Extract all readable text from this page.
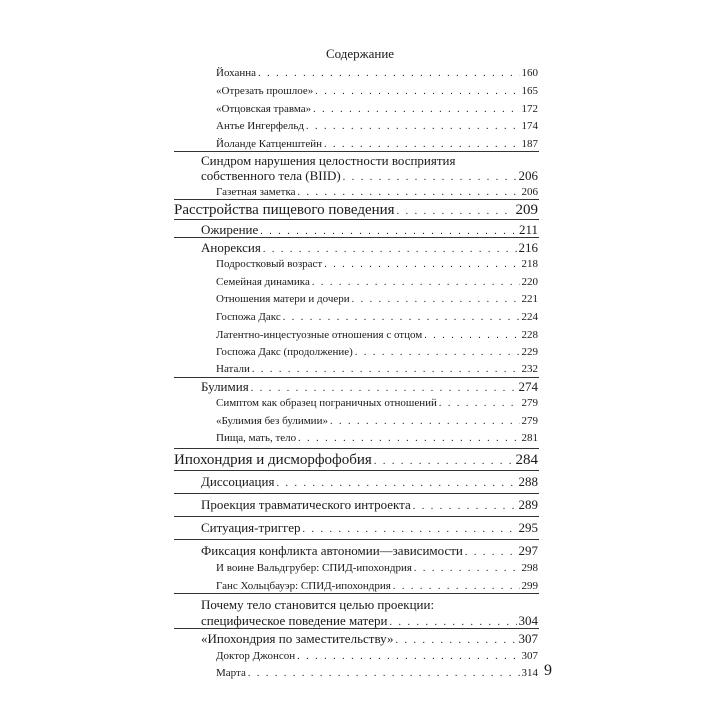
Содержание
Йоханна . . .	160
«Отрезать прошлое» . . .	165
«Отцовская травма» . . .	172
Антье Ингерфельд . . .	174
Йоланде Катценштейн . . .	187
Синдром нарушения целостности восприятия
собственного тела (BIID) . . .	206
Газетная заметка . . .	206
Расстройства пищевого поведения . . .	209
Ожирение . . .	211
Анорексия . . .	216
Подростковый возраст . . .	218
Семейная динамика . . .	220
Отношения матери и дочери . . .	221
Госпожа Дакс . . .	224
Латентно-инцестуозные отношения с отцом . . .	228
Госпожа Дакс (продолжение) . . .	229
Натали . . .	232
Булимия . . .	274
Симптом как образец пограничных отношений . . .	279
«Булимия без булимии» . . .	279
Пища, мать, тело . . .	281
Ипохондрия и дисморфофобия . . .	284
Диссоциация . . .	288
Проекция травматического интроекта . . .	289
Ситуация-триггер . . .	295
Фиксация конфликта автономии—зависимости . . .	297
И воине Вальдгрубер: СПИД-ипохондрия . . .	298
Ганс Хольцбауэр: СПИД-ипохондрия . . .	299
Почему тело становится целью проекции:
специфическое поведение матери . . .	304
«Ипохондрия по заместительству» . . .	307
Доктор Джонсон . . .	307
Марта . . .	314 9
